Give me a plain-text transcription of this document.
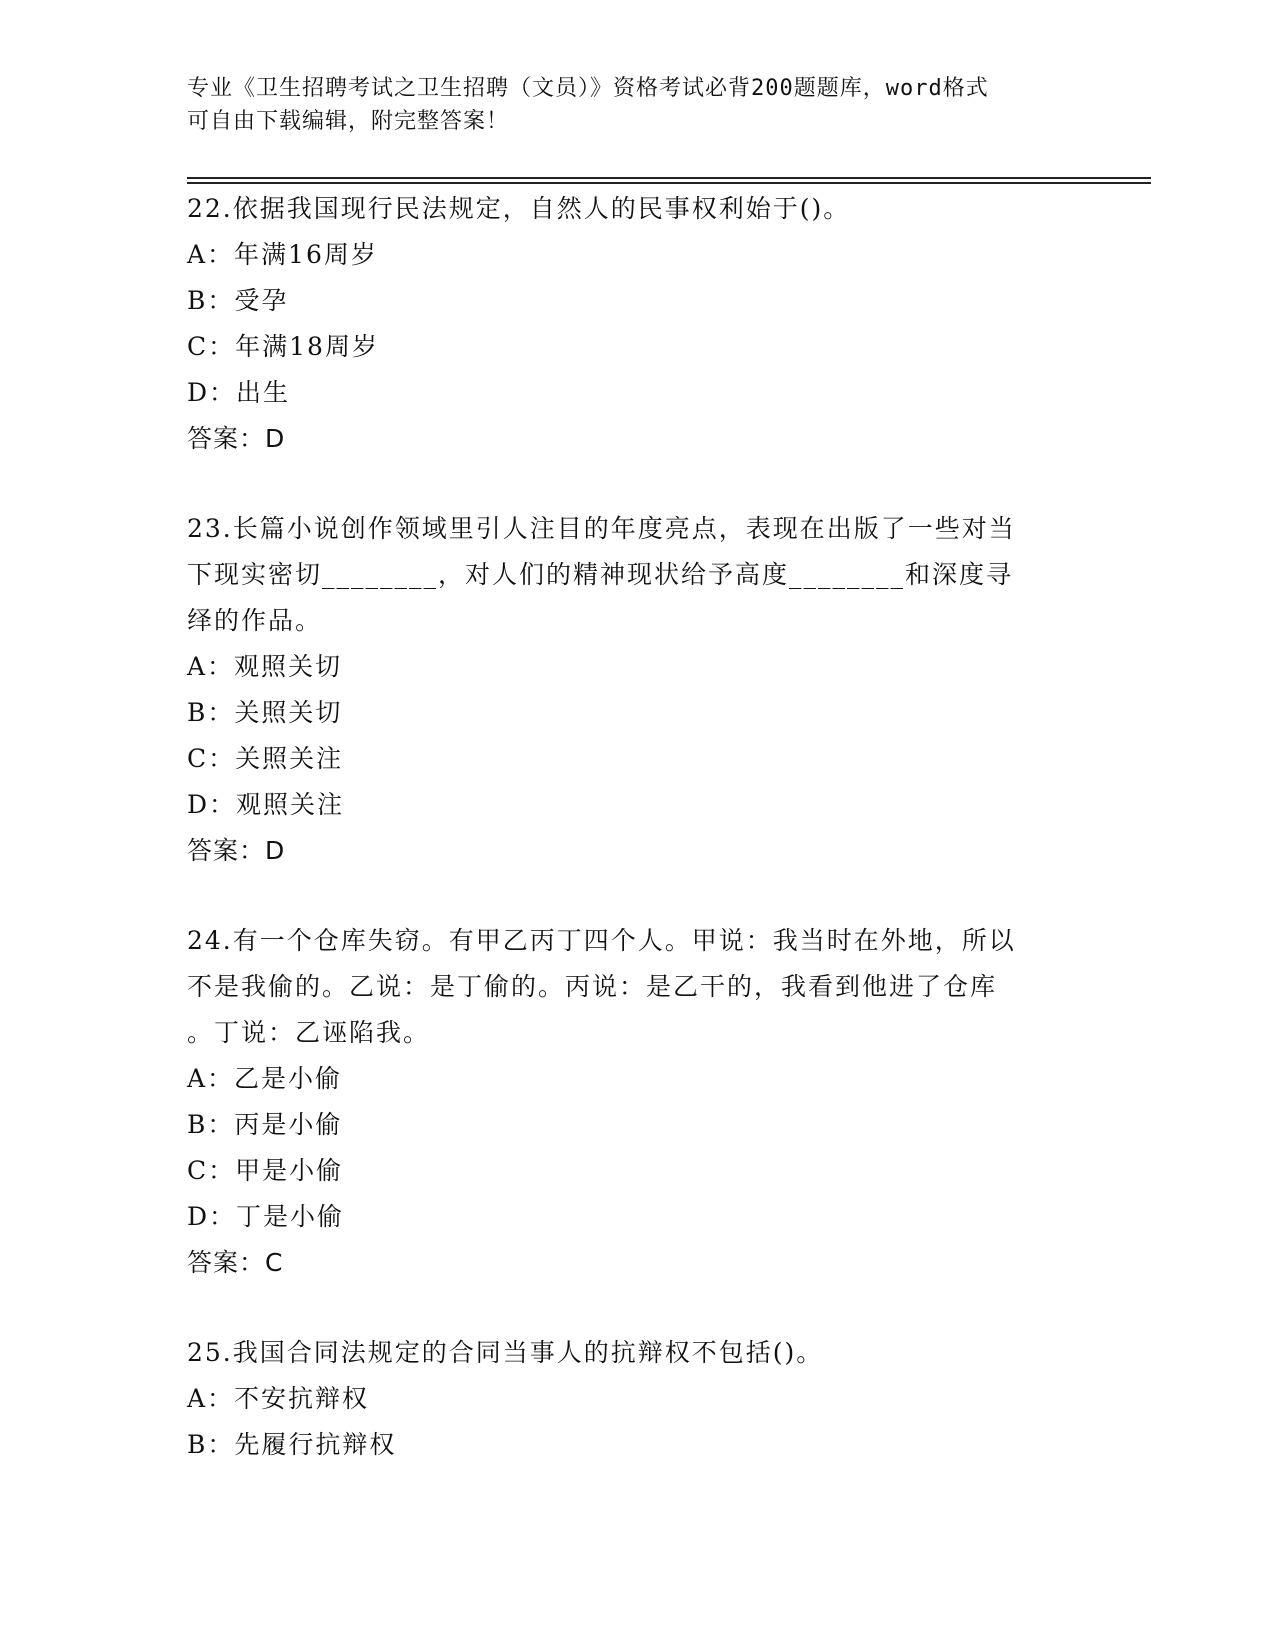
专业《卫生招聘考试之卫生招聘（文员）》资格考试必背200题题库，word格式
可自由下载编辑，附完整答案！
22.依据我国现行民法规定，自然人的民事权利始于()。
A：年满16周岁
B：受孕
C：年满18周岁
D：出生
答案：D
23.长篇小说创作领域里引人注目的年度亮点，表现在出版了一些对当
下现实密切________，对人们的精神现状给予高度________和深度寻
绎的作品。
A：观照关切
B：关照关切
C：关照关注
D：观照关注
答案：D
24.有一个仓库失窃。有甲乙丙丁四个人。甲说：我当时在外地，所以
不是我偷的。乙说：是丁偷的。丙说：是乙干的，我看到他进了仓库
。丁说：乙诬陷我。
A：乙是小偷
B：丙是小偷
C：甲是小偷
D：丁是小偷
答案：C
25.我国合同法规定的合同当事人的抗辩权不包括()。
A：不安抗辩权
B：先履行抗辩权
